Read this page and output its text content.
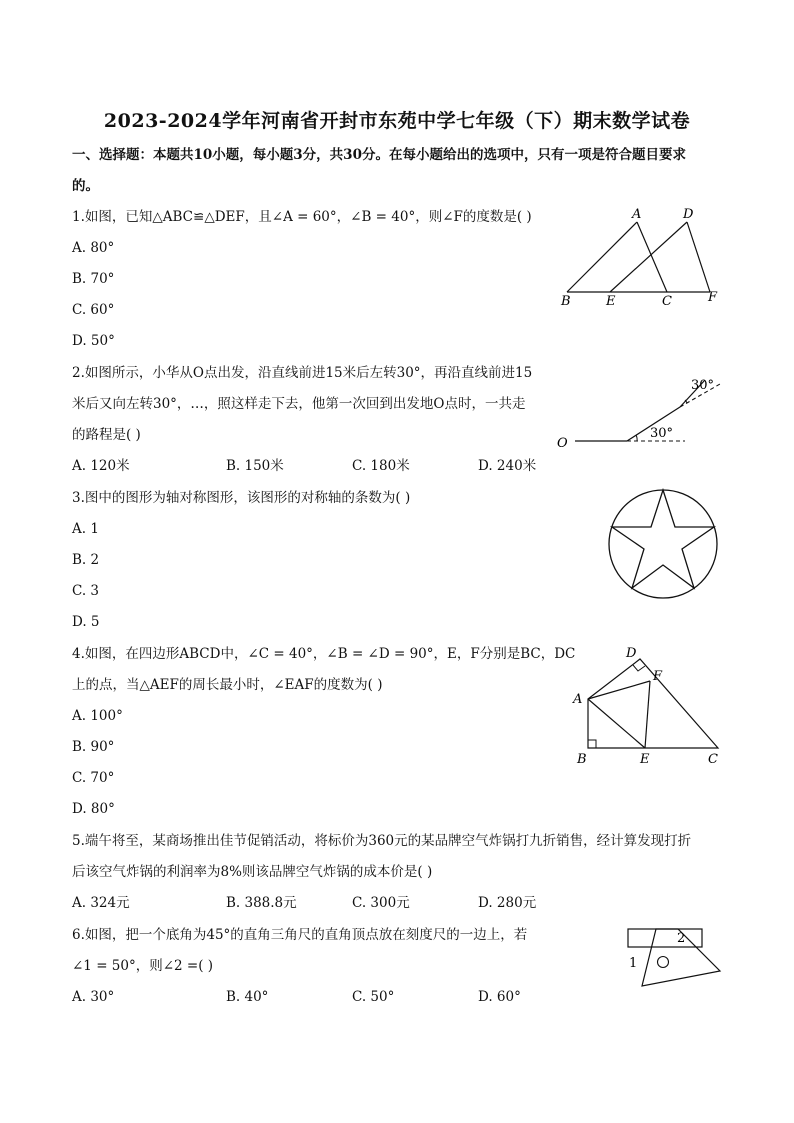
2023-2024学年河南省开封市东苑中学七年级（下）期末数学试卷
一、选择题：本题共10小题，每小题3分，共30分。在每小题给出的选项中，只有一项是符合题目要求
的。
1.如图，已知△ABC≌△DEF，且∠A = 60°，∠B = 40°，则∠F的度数是( )
A. 80°
B. 70°
C. 60°
D. 50°
A	D
B	E	C	F
2.如图所示，小华从O点出发，沿直线前进15米后左转30°，再沿直线前进15
米后又向左转30°，…，照这样走下去，他第一次回到出发地O点时，一共走
的路程是( )
A. 120米	B. 150米	C. 180米	D. 240米
O
30°
30°
3.图中的图形为轴对称图形，该图形的对称轴的条数为( )
A. 1
B. 2
C. 3
D. 5
4.如图，在四边形ABCD中，∠C = 40°，∠B = ∠D = 90°，E，F分别是BC，DC
上的点，当△AEF的周长最小时，∠EAF的度数为( )
A. 100°
B. 90°
C. 70°
D. 80°
A
B	C
D
E
F
5.端午将至，某商场推出佳节促销活动，将标价为360元的某品牌空气炸锅打九折销售，经计算发现打折
后该空气炸锅的利润率为8%则该品牌空气炸锅的成本价是( )
A. 324元	B. 388.8元	C. 300元	D. 280元
6.如图，把一个底角为45°的直角三角尺的直角顶点放在刻度尺的一边上，若
∠1 = 50°，则∠2 =( )
A. 30°	B. 40°	C. 50°	D. 60°
1
2
